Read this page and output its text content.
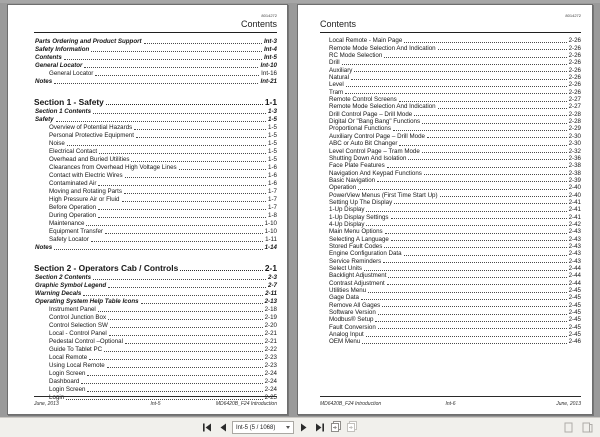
8014272
Contents
Parts Ordering and Product Support	Int-3
Safety Information	Int-4
Contents	Int-5
General Locator	Int-10
General Locator	Int-16
Notes	Int-21
Section 1 - Safety	1-1
Section 1 Contents	1-3
Safety	1-5
Overview of Potential Hazards	1-5
Personal Protective Equipment	1-5
Noise	1-5
Electrical Contact	1-5
Overhead and Buried Utilities	1-5
Clearances from Overhead High Voltage Lines	1-6
Contact with Electric Wires	1-6
Contaminated Air	1-6
Moving and Rotating Parts	1-7
High Pressure Air or Fluid	1-7
Before Operation	1-7
During Operation	1-8
Maintenance	1-10
Equipment Transfer	1-10
Safety Locator	1-11
Notes	1-14
Section 2 - Operators Cab / Controls	2-1
Section 2 Contents	2-3
Graphic Symbol Legend	2-7
Warning Decals	2-11
Operating System Help Table Icons	2-13
Instrument Panel	2-18
Control Junction Box	2-19
Control Selection SW	2-20
Local - Control Panel	2-21
Pedestal Control –Optional	2-21
Guide To Tablet PC	2-22
Local Remote	2-23
Using Local Remote	2-23
Login Screen	2-24
Dashboard	2-24
Login Screen	2-24
Login	2-25
June, 2013	Int-5	MD6420B_F24 Introduction
8014272
Contents
Local Remote - Main Page	2-26
Remote Mode Selection And Indication	2-26
RC Mode Selection	2-26
Drill	2-26
Auxiliary	2-26
Natural	2-26
Level	2-26
Tram	2-26
Remote Control Screens	2-27
Remote Mode Selection And Indication	2-27
Drill Control Page – Drill Mode	2-28
Digital Or "Bang Bang" Functions	2-28
Proportional Functions	2-29
Auxiliary Control Page – Drill Mode	2-30
ABC or Auto Bit Changer	2-30
Level Control Page – Tram Mode	2-32
Shutting Down And Isolation	2-36
Face Plate Features	2-38
Navigation And Keypad Functions	2-38
Basic Navigation	2-39
Operation	2-40
PowerView Menus (First Time Start Up)	2-40
Setting Up The Display	2-41
1-Up Display	2-41
1-Up Display Settings	2-41
4-Up Display	2-42
Main Menu Options	2-43
Selecting A Language	2-43
Stored Fault Codes	2-43
Engine Configuration Data	2-43
Service Reminders	2-43
Select Units	2-44
Backlight Adjustment	2-44
Contrast Adjustment	2-44
Utilities Menu	2-45
Gage Data	2-45
Remove All Gages	2-45
Software Version	2-45
Modbus® Setup	2-45
Fault Conversion	2-45
Analog Input	2-45
OEM Menu	2-46
MD6420B_F24 Introduction	Int-6	June, 2013
Int-5 (5 / 1068)
